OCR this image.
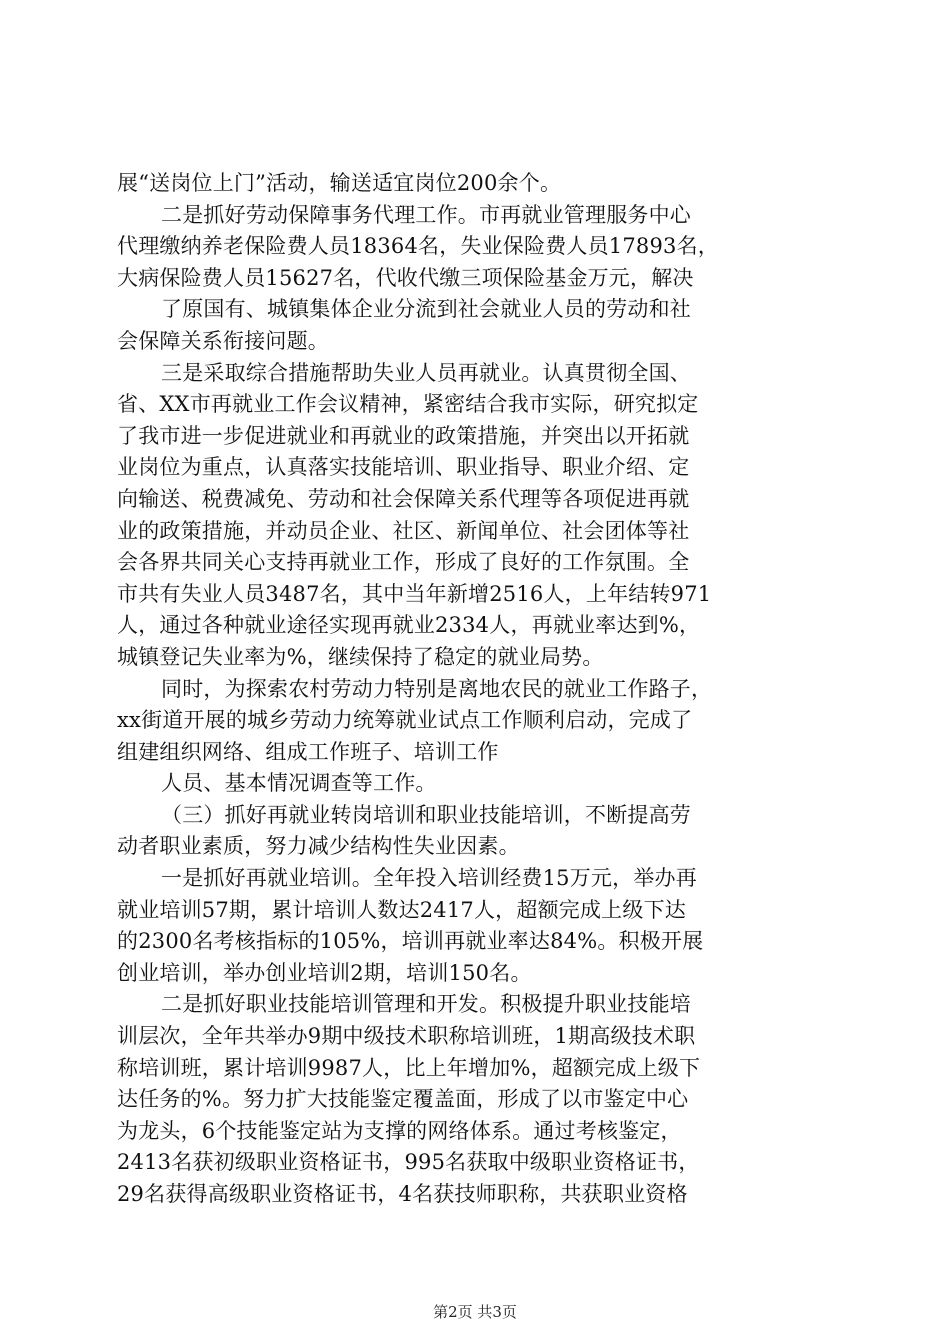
展“送岗位上门”活动，输送适宜岗位200余个。
二是抓好劳动保障事务代理工作。市再就业管理服务中心
代理缴纳养老保险费人员18364名，失业保险费人员17893名，
大病保险费人员15627名，代收代缴三项保险基金万元，解决
了原国有、城镇集体企业分流到社会就业人员的劳动和社
会保障关系衔接问题。
三是采取综合措施帮助失业人员再就业。认真贯彻全国、
省、XX市再就业工作会议精神，紧密结合我市实际，研究拟定
了我市进一步促进就业和再就业的政策措施，并突出以开拓就
业岗位为重点，认真落实技能培训、职业指导、职业介绍、定
向输送、税费减免、劳动和社会保障关系代理等各项促进再就
业的政策措施，并动员企业、社区、新闻单位、社会团体等社
会各界共同关心支持再就业工作，形成了良好的工作氛围。全
市共有失业人员3487名，其中当年新增2516人，上年结转971
人，通过各种就业途径实现再就业2334人，再就业率达到%，
城镇登记失业率为%，继续保持了稳定的就业局势。
同时，为探索农村劳动力特别是离地农民的就业工作路子，
xx街道开展的城乡劳动力统筹就业试点工作顺利启动，完成了
组建组织网络、组成工作班子、培训工作
人员、基本情况调查等工作。
（三）抓好再就业转岗培训和职业技能培训，不断提高劳
动者职业素质，努力减少结构性失业因素。
一是抓好再就业培训。全年投入培训经费15万元，举办再
就业培训57期，累计培训人数达2417人，超额完成上级下达
的2300名考核指标的105%，培训再就业率达84%。积极开展
创业培训，举办创业培训2期，培训150名。
二是抓好职业技能培训管理和开发。积极提升职业技能培
训层次，全年共举办9期中级技术职称培训班，1期高级技术职
称培训班，累计培训9987人，比上年增加%，超额完成上级下
达任务的%。努力扩大技能鉴定覆盖面，形成了以市鉴定中心
为龙头，6个技能鉴定站为支撑的网络体系。通过考核鉴定，
2413名获初级职业资格证书，995名获取中级职业资格证书，
29名获得高级职业资格证书，4名获技师职称，共获职业资格
第2页 共3页
